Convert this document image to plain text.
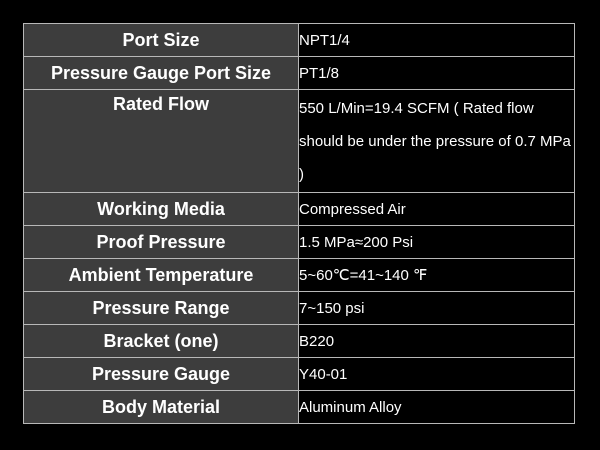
Port Size	NPT1/4
Pressure Gauge Port Size	PT1/8
Rated Flow	550 L/Min=19.4 SCFM ( Rated flow should be under the pressure of 0.7 MPa )
Working Media	Compressed Air
Proof Pressure	1.5 MPa≈200 Psi
Ambient Temperature	5~60℃=41~140 ℉
Pressure Range	7~150 psi
Bracket (one)	B220
Pressure Gauge	Y40-01
Body Material	Aluminum Alloy
